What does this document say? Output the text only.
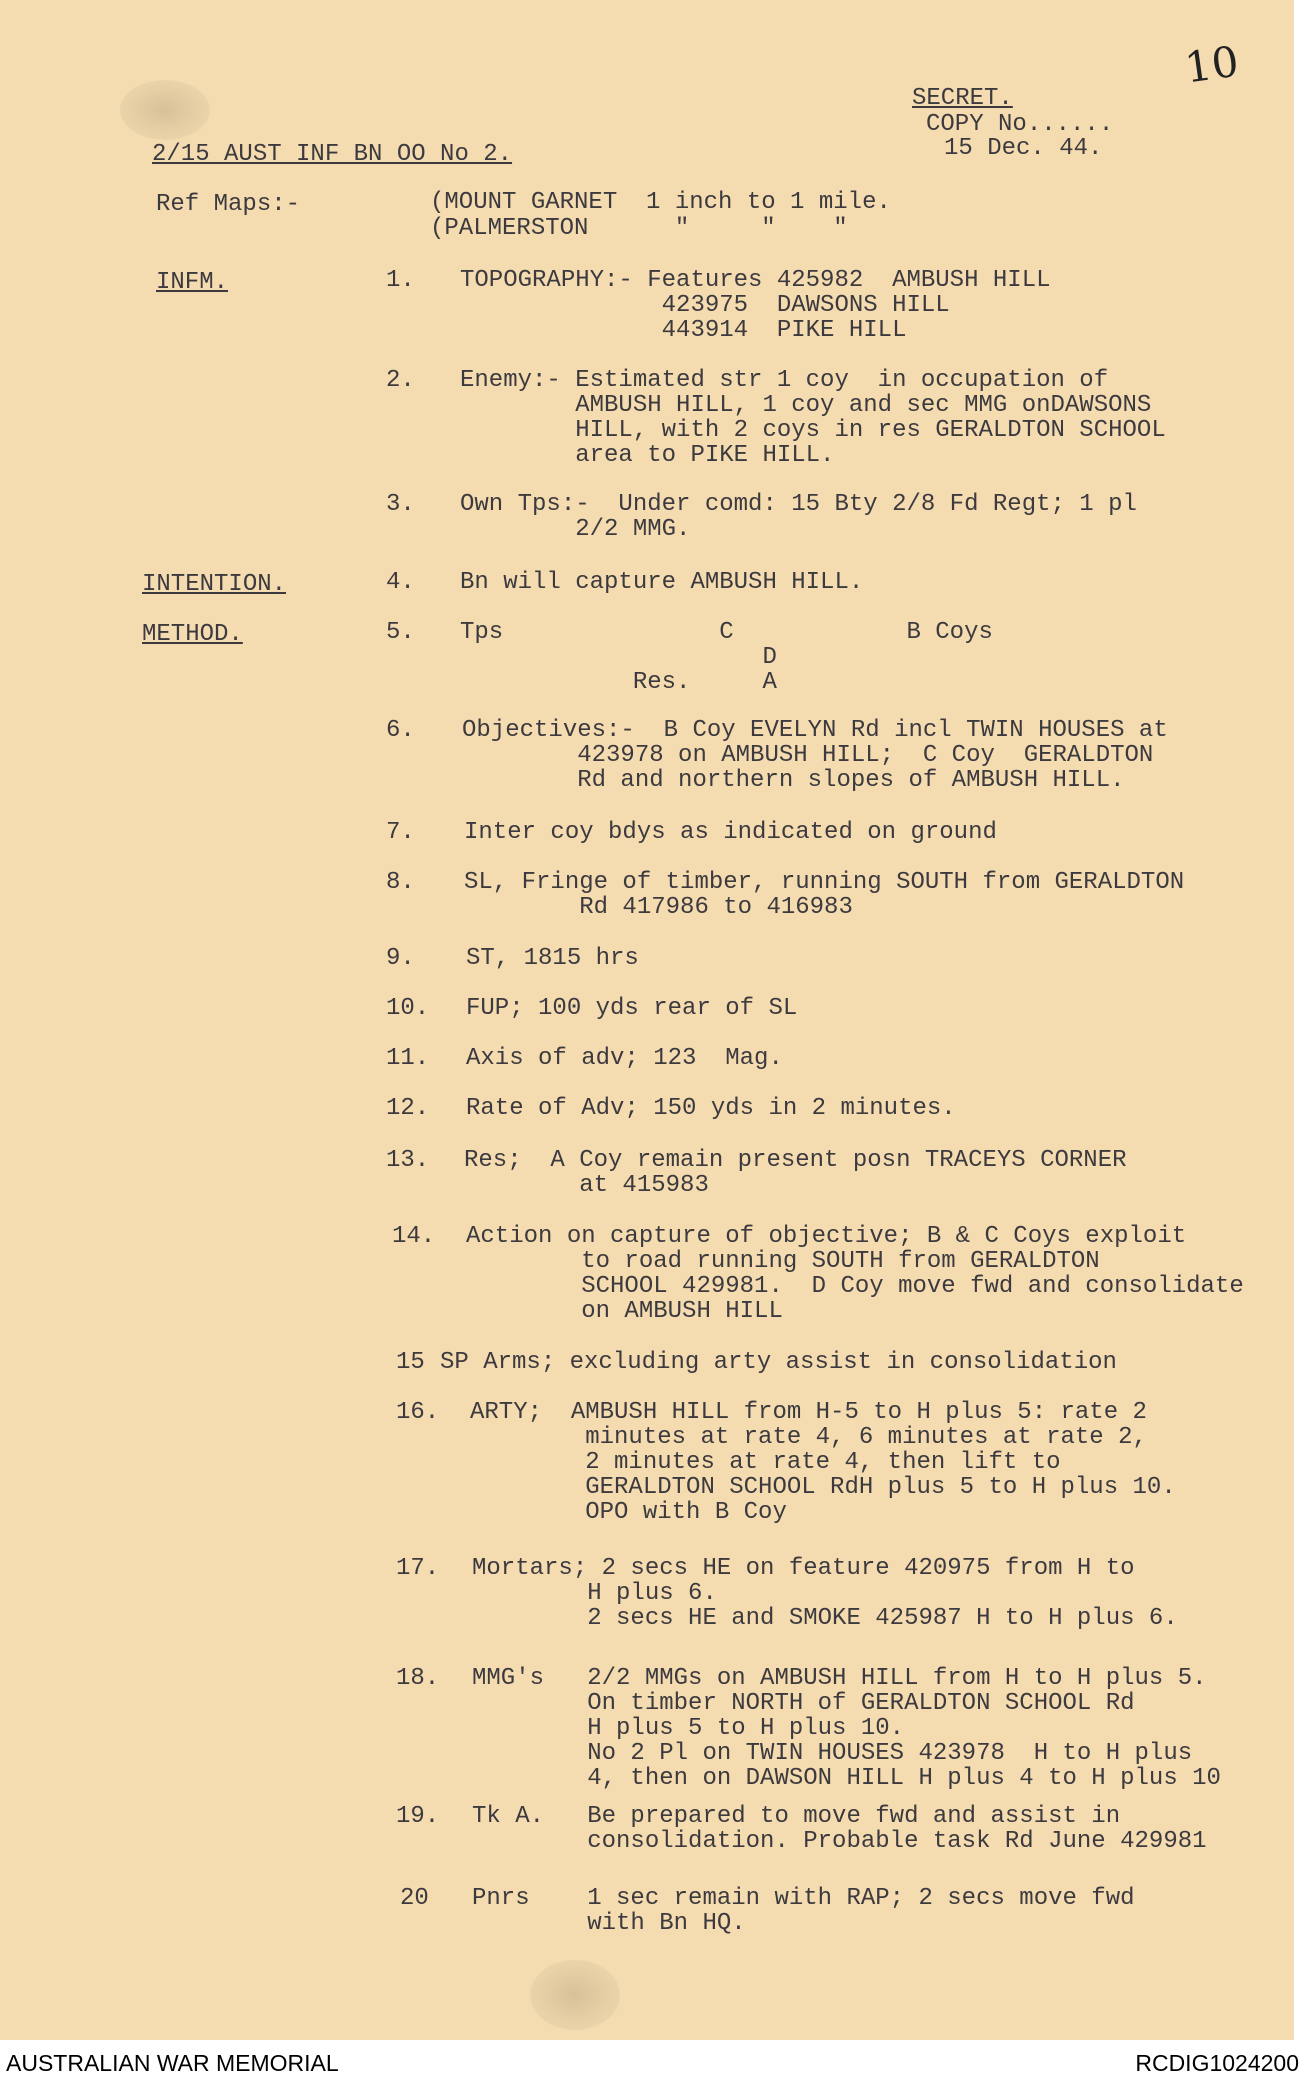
10
SECRET.
COPY No......
15 Dec. 44.
2/15 AUST INF BN OO No 2.
Ref Maps:-	(MOUNT GARNET  1 inch to 1 mile.
(PALMERSTON      "     "    "
INFM.
INTENTION.
METHOD.
1. TOPOGRAPHY:- Features 425982  AMBUSH HILL
423975  DAWSONS HILL
443914  PIKE HILL
2. Enemy:- Estimated str 1 coy  in occupation of
AMBUSH HILL, 1 coy and sec MMG onDAWSONS
HILL, with 2 coys in res GERALDTON SCHOOL
area to PIKE HILL.
3. Own Tps:-  Under comd: 15 Bty 2/8 Fd Regt; 1 pl
2/2 MMG.
4. Bn will capture AMBUSH HILL.
5. Tps               C            B Coys
D
Res.     A
6. Objectives:-  B Coy EVELYN Rd incl TWIN HOUSES at
423978 on AMBUSH HILL;  C Coy  GERALDTON
Rd and northern slopes of AMBUSH HILL.
7. Inter coy bdys as indicated on ground
8. SL, Fringe of timber, running SOUTH from GERALDTON
Rd 417986 to 416983
9. ST, 1815 hrs
10. FUP; 100 yds rear of SL
11. Axis of adv; 123  Mag.
12. Rate of Adv; 150 yds in 2 minutes.
13. Res;  A Coy remain present posn TRACEYS CORNER
at 415983
14. Action on capture of objective; B & C Coys exploit
to road running SOUTH from GERALDTON
SCHOOL 429981.  D Coy move fwd and consolidate
on AMBUSH HILL
15 SP Arms; excluding arty assist in consolidation
16. ARTY;  AMBUSH HILL from H-5 to H plus 5: rate 2
minutes at rate 4, 6 minutes at rate 2,
2 minutes at rate 4, then lift to
GERALDTON SCHOOL RdH plus 5 to H plus 10.
OPO with B Coy
17. Mortars; 2 secs HE on feature 420975 from H to
H plus 6.
2 secs HE and SMOKE 425987 H to H plus 6.
18. MMG's   2/2 MMGs on AMBUSH HILL from H to H plus 5.
On timber NORTH of GERALDTON SCHOOL Rd
H plus 5 to H plus 10.
No 2 Pl on TWIN HOUSES 423978  H to H plus
4, then on DAWSON HILL H plus 4 to H plus 10
19. Tk A.   Be prepared to move fwd and assist in
consolidation. Probable task Rd June 429981
20 Pnrs    1 sec remain with RAP; 2 secs move fwd
with Bn HQ.
AUSTRALIAN WAR MEMORIAL	RCDIG1024200
